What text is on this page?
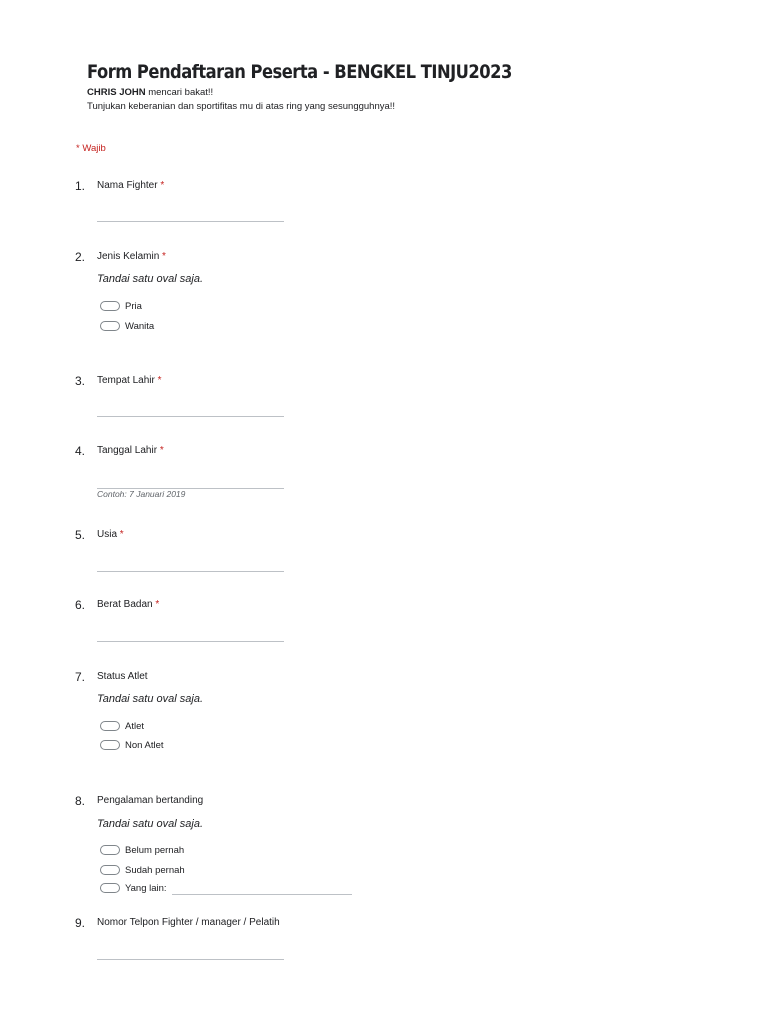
Form Pendaftaran Peserta - BENGKEL TINJU2023
CHRIS JOHN mencari bakat!!
Tunjukan keberanian dan sportifitas mu di atas ring yang sesungguhnya!!
* Wajib
1. Nama Fighter *
2. Jenis Kelamin *
Tandai satu oval saja.
Pria
Wanita
3. Tempat Lahir *
4. Tanggal Lahir *
Contoh: 7 Januari 2019
5. Usia *
6. Berat Badan *
7. Status Atlet
Tandai satu oval saja.
Atlet
Non Atlet
8. Pengalaman bertanding
Tandai satu oval saja.
Belum pernah
Sudah pernah
Yang lain:
9. Nomor Telpon Fighter / manager / Pelatih
